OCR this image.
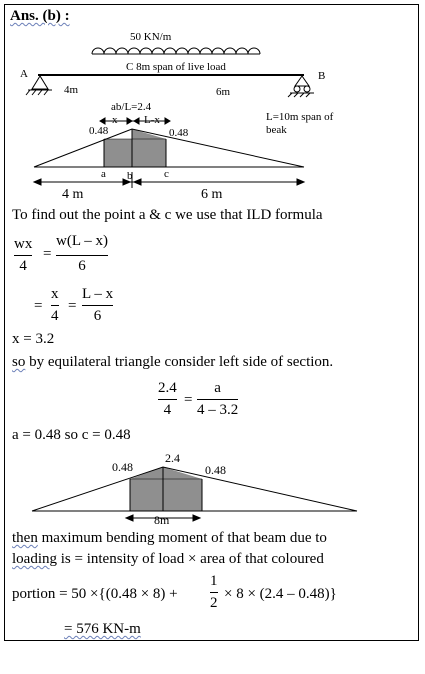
Ans. (b) :
50 KN/m
A	B
C 8m span of live load
4m	6m
ab/L=2.4
x L-x
0.48	0.48
L=10m span of
beak
a b	c
4 m	6 m
To find out the point a & c we use that ILD formula
wx
4
=
w(L – x)
6
=
x
4
=
L – x
6
x = 3.2
so by equilateral triangle consider left side of section.
2.4
4
=
a
4 – 3.2
a = 0.48 so c = 0.48
0.48
2.4
0.48
8m
then maximum bending moment of that beam due to
loading is = intensity of load × area of that coloured
portion = 50 ×{(0.48 × 8) +
1
2
× 8 × (2.4 – 0.48)}
= 576 KN-m
